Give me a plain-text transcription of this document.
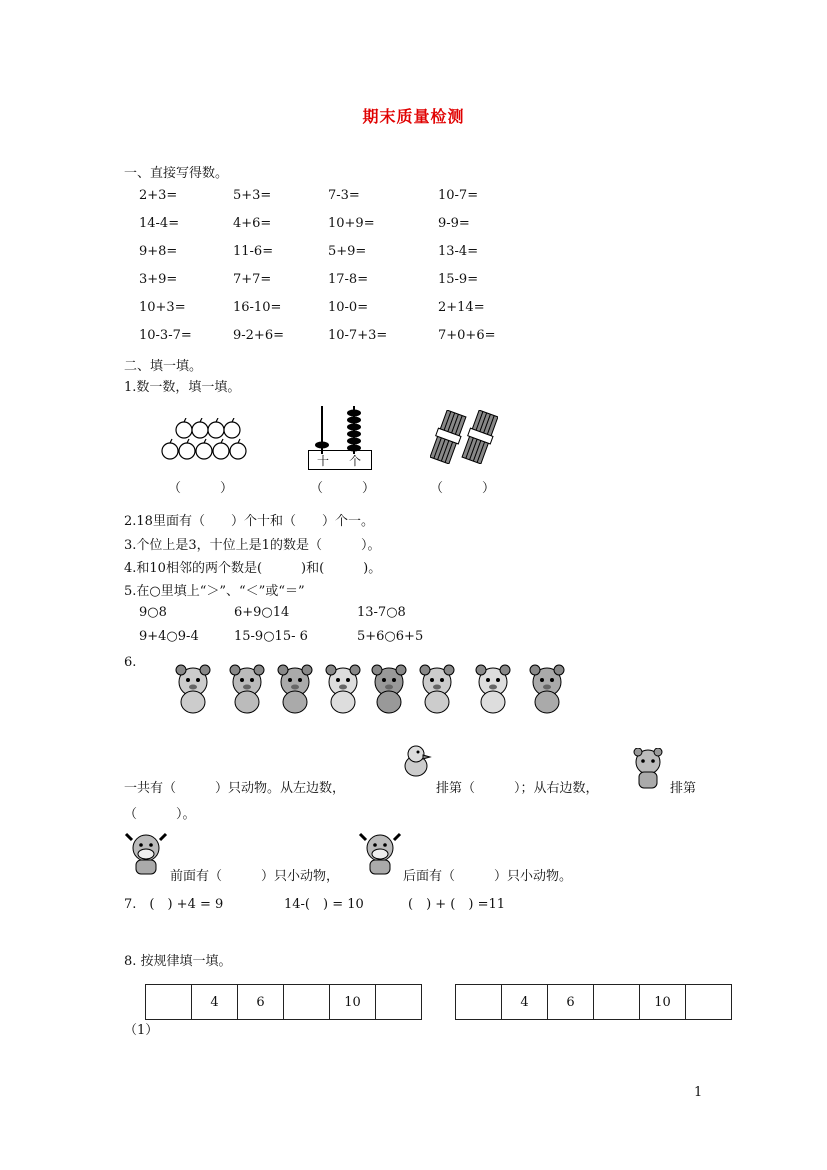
期末质量检测
一、直接写得数。
2+3=	5+3=	7-3=	10-7=
14-4=	4+6=	10+9=	9-9=
9+8=	11-6=	5+9=	13-4=
3+9=	7+7=	17-8=	15-9=
10+3=	16-10=	10-0=	2+14=
10-3-7=	9-2+6=	10-7+3=	7+0+6=
二、填一填。
1.数一数，填一填。
十 个
（　　　）	（　　　）	（　　　）
2.18里面有（　　）个十和（　　）个一。
3.个位上是3，十位上是1的数是（　　　）。
4.和10相邻的两个数是(　　　)和(　　　)。
5.在○里填上“＞”、“＜”或“＝”
9○8	6+9○14	13-7○8
9+4○9-4	15-9○15- 6	5+6○6+5
6.
一共有（　　　）只动物。从左边数，	排第（　　　）；从右边数，	排第
（　　　）。
前面有（　　　）只小动物，	后面有（　　　）只小动物。
7.　(　) +4 = 9	14-(　) = 10	(　) + (　) =11
8. 按规律填一填。
	4	6		10	
（1）
	4	6		10	
1
